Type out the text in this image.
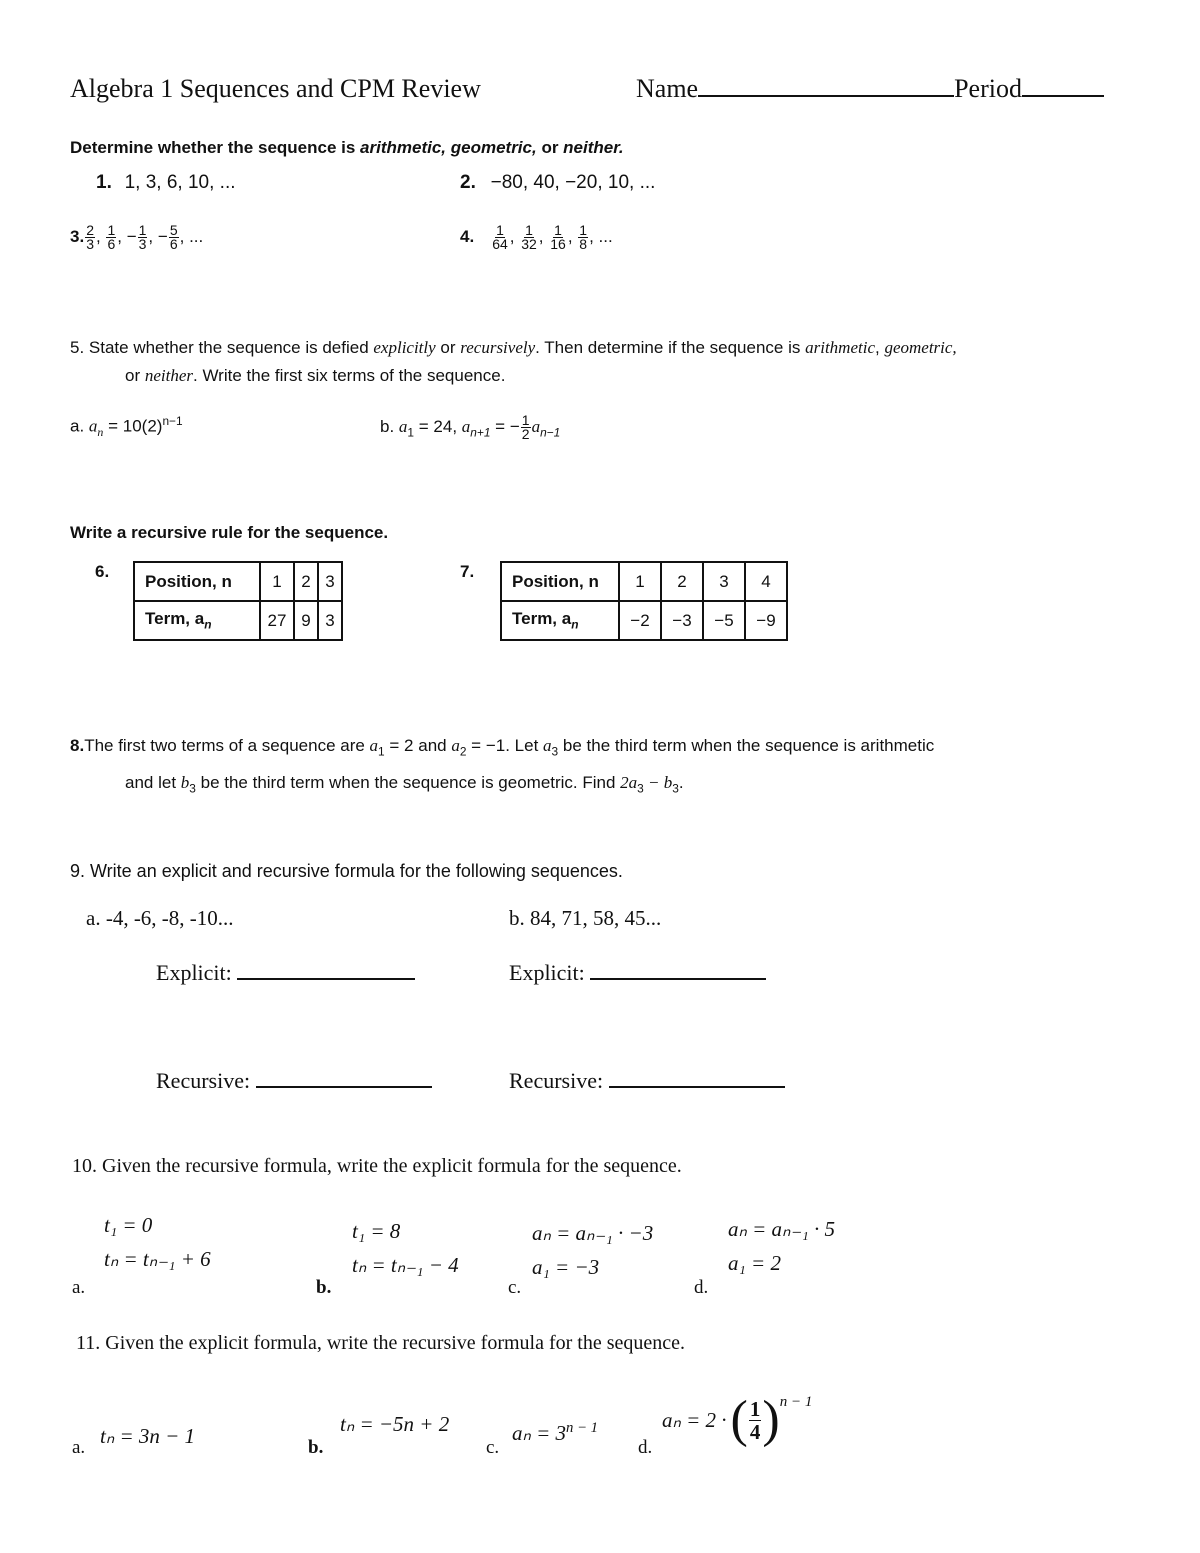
Algebra 1 Sequences and CPM Review	Name	Period
Determine whether the sequence is arithmetic, geometric, or neither.
1. 1, 3, 6, 10, ...	2. −80, 40, −20, 10, ...
3. $\frac{2}{3}$ , $\frac{1}{6}$ , − $\frac{1}{3}$ , − $\frac{5}{6}$ , ...	4. $\frac{1}{64}$ , $\frac{1}{32}$ , $\frac{1}{16}$ , $\frac{1}{8}$ , ...
5. State whether the sequence is defied explicitly or recursively. Then determine if the sequence is arithmetic, geometric,
or neither. Write the first six terms of the sequence.
a. $a_n = 10(2)^{n-1}$	b. $a_1 = 24$, $a_{n+1}$ = − $\frac{1}{2} a_{n-1}$
Write a recursive rule for the sequence.
6.	7.
Position, n	1	2	3
Term, $a_n$	27	9	3
Position, n	1	2	3	4
Term, $a_n$	−2	−3	−5	−9
8.The first two terms of a sequence are $a_1 = 2$ and $a_2 = -1$. Let $a_3$ be the third term when the sequence is arithmetic
and let $b_3$ be the third term when the sequence is geometric. Find $2a_3 - b_3$.
9. Write an explicit and recursive formula for the following sequences.
a. -4, -6, -8, -10...	b. 84, 71, 58, 45...
Explicit:	Explicit:
Recursive:	Recursive:
10. Given the recursive formula, write the explicit formula for the sequence.
t₁ = 0
tₙ = tₙ₋₁ + 6
t₁ = 8
tₙ = tₙ₋₁ − 4
aₙ = aₙ₋₁ · −3
a₁ = −3
aₙ = aₙ₋₁ · 5
a₁ = 2
a.	b.	c.	d.
11. Given the explicit formula, write the recursive formula for the sequence.
a. tₙ = 3n − 1	b.
tₙ = −5n + 2
c.
$a_n = 3^{n - 1}$
d.
aₙ = 2 · ( $\frac{1}{4} )^{n - 1}$
